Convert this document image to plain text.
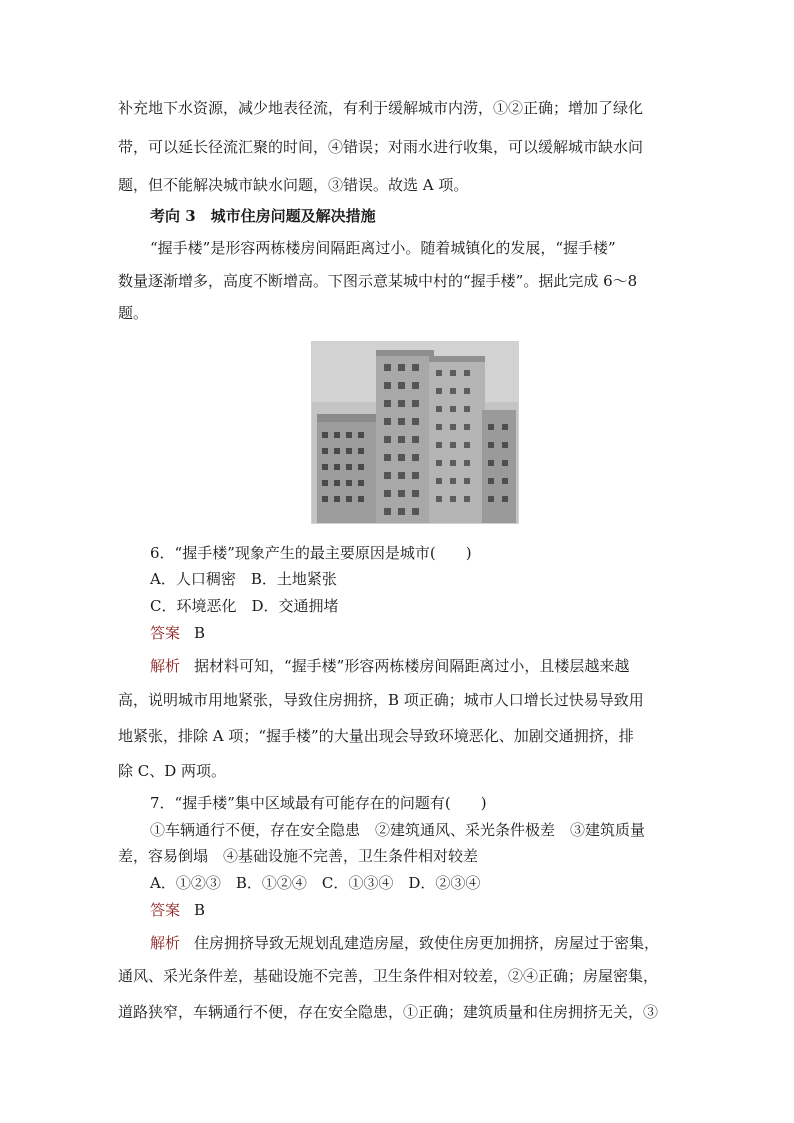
补充地下水资源，减少地表径流，有利于缓解城市内涝，①②正确；增加了绿化
带，可以延长径流汇聚的时间，④错误；对雨水进行收集，可以缓解城市缺水问
题，但不能解决城市缺水问题，③错误。故选 A 项。
考向 3　城市住房问题及解决措施
“握手楼”是形容两栋楼房间隔距离过小。随着城镇化的发展，“握手楼”
数量逐渐增多，高度不断增高。下图示意某城中村的“握手楼”。据此完成 6～8
题。
6．“握手楼”现象产生的最主要原因是城市(　　)
A．人口稠密　B．土地紧张
C．环境恶化　D．交通拥堵
答案 B
解析 据材料可知，“握手楼”形容两栋楼房间隔距离过小，且楼层越来越
高，说明城市用地紧张，导致住房拥挤，B 项正确；城市人口增长过快易导致用
地紧张，排除 A 项；“握手楼”的大量出现会导致环境恶化、加剧交通拥挤，排
除 C、D 两项。
7．“握手楼”集中区域最有可能存在的问题有(　　)
①车辆通行不便，存在安全隐患　②建筑通风、采光条件极差　③建筑质量
差，容易倒塌　④基础设施不完善，卫生条件相对较差
A．①②③　B．①②④　C．①③④　D．②③④
答案 B
解析 住房拥挤导致无规划乱建造房屋，致使住房更加拥挤，房屋过于密集，
通风、采光条件差，基础设施不完善，卫生条件相对较差，②④正确；房屋密集，
道路狭窄，车辆通行不便，存在安全隐患，①正确；建筑质量和住房拥挤无关，③
